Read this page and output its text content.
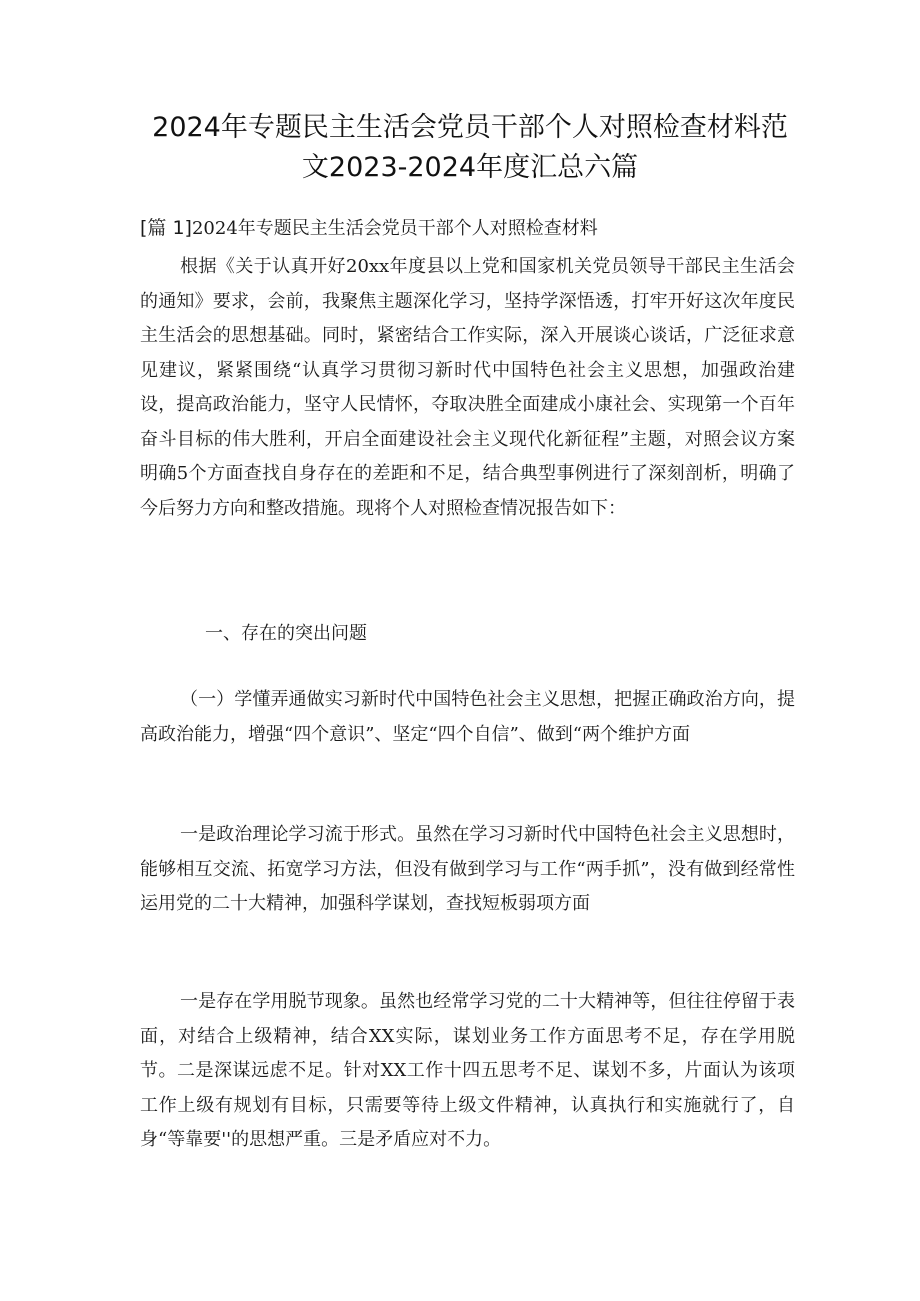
2024年专题民主生活会党员干部个人对照检查材料范
文2023-2024年度汇总六篇
[篇 1]2024年专题民主生活会党员干部个人对照检查材料

根据《关于认真开好20xx年度县以上党和国家机关党员领导干部民主生活会的通知》要求，会前，我聚焦主题深化学习，坚持学深悟透，打牢开好这次年度民主生活会的思想基础。同时，紧密结合工作实际，深入开展谈心谈话，广泛征求意见建议，紧紧围绕“认真学习贯彻习新时代中国特色社会主义思想，加强政治建设，提高政治能力，坚守人民情怀，夺取决胜全面建成小康社会、实现第一个百年奋斗目标的伟大胜利，开启全面建设社会主义现代化新征程”主题，对照会议方案明确5个方面查找自身存在的差距和不足，结合典型事例进行了深刻剖析，明确了今后努力方向和整改措施。现将个人对照检查情况报告如下：

一、存在的突出问题

（一）学懂弄通做实习新时代中国特色社会主义思想，把握正确政治方向，提高政治能力，增强“四个意识”、坚定“四个自信”、做到“两个维护方面

一是政治理论学习流于形式。虽然在学习习新时代中国特色社会主义思想时，能够相互交流、拓宽学习方法，但没有做到学习与工作“两手抓”，没有做到经常性运用党的二十大精神，加强科学谋划，查找短板弱项方面

一是存在学用脱节现象。虽然也经常学习党的二十大精神等，但往往停留于表面，对结合上级精神，结合XX实际，谋划业务工作方面思考不足，存在学用脱节。二是深谋远虑不足。针对XX工作十四五思考不足、谋划不多，片面认为该项工作上级有规划有目标，只需要等待上级文件精神，认真执行和实施就行了，自身“等靠要''的思想严重。三是矛盾应对不力。
